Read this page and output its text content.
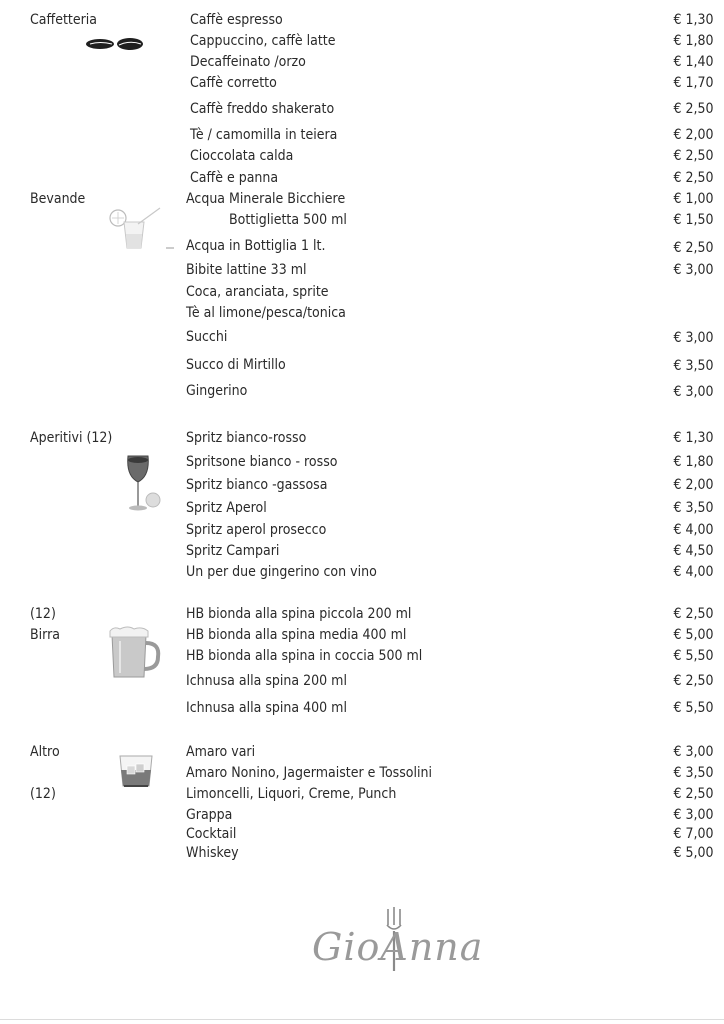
Caffetteria
Bevande
Aperitivi (12)
(12)
Birra
Altro
(12)
Caffè espresso	€ 1,30
Cappuccino, caffè latte	€ 1,80
Decaffeinato /orzo	€ 1,40
Caffè corretto	€ 1,70
Caffè freddo shakerato	€ 2,50
Tè / camomilla in teiera	€ 2,00
Cioccolata calda	€ 2,50
Caffè e panna	€ 2,50
Acqua Minerale Bicchiere	€ 1,00
Bottiglietta 500 ml	€ 1,50
Acqua in Bottiglia 1 lt.	€ 2,50
Bibite lattine 33 ml	€ 3,00
Coca, aranciata, sprite
Tè al limone/pesca/tonica
Succhi	€ 3,00
Succo di Mirtillo	€ 3,50
Gingerino	€ 3,00
Spritz bianco-rosso	€ 1,30
Spritsone bianco - rosso	€ 1,80
Spritz bianco -gassosa	€ 2,00
Spritz Aperol	€ 3,50
Spritz aperol prosecco	€ 4,00
Spritz Campari	€ 4,50
Un per due gingerino con vino	€ 4,00
HB bionda alla spina piccola 200 ml	€ 2,50
HB bionda alla spina media 400 ml	€ 5,00
HB bionda alla spina in coccia 500 ml	€ 5,50
Ichnusa alla spina 200 ml	€ 2,50
Ichnusa alla spina 400 ml	€ 5,50
Amaro vari	€ 3,00
Amaro Nonino, Jagermaister e Tossolini	€ 3,50
Limoncelli, Liquori, Creme, Punch	€ 2,50
Grappa	€ 3,00
Cocktail	€ 7,00
Whiskey	€ 5,00
GioAnna
